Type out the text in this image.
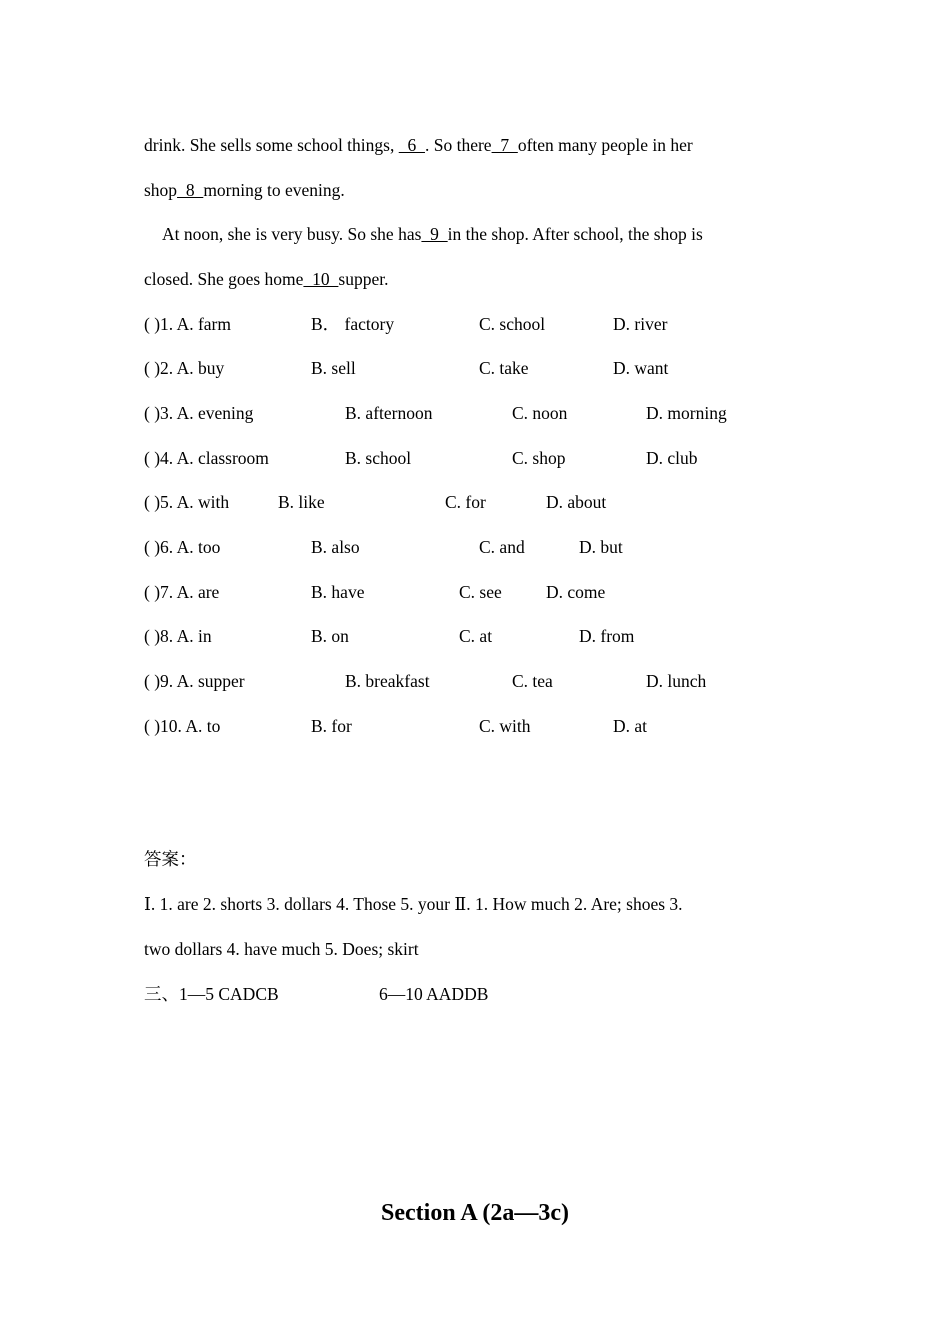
drink. She sells some school things,   6  . So there  7  often many people in her
shop  8  morning to evening.
At noon, she is very busy. So she has  9  in the shop. After school, the shop is
closed. She goes home  10  supper.
( )1. A. farm	B． factory	C. school	D. river
( )2. A. buy	B. sell	C. take	D. want
( )3. A. evening	B. afternoon	C. noon	D. morning
( )4. A. classroom	B. school	C. shop	D. club
( )5. A. with	B. like	C. for	D. about
( )6. A. too	B. also	C. and	D. but
( )7. A. are	B. have	C. see	D. come
( )8. A. in	B. on	C. at	D. from
( )9. A. supper	B. breakfast	C. tea	D. lunch
( )10. A. to	B. for	C. with	D. at
答案：
Ⅰ. 1. are 2. shorts 3. dollars 4. Those 5. your Ⅱ. 1. How much 2. Are; shoes 3.
two dollars 4. have much 5. Does; skirt
三、1—5 CADCB	6—10 AADDB
Section A (2a—3c)
